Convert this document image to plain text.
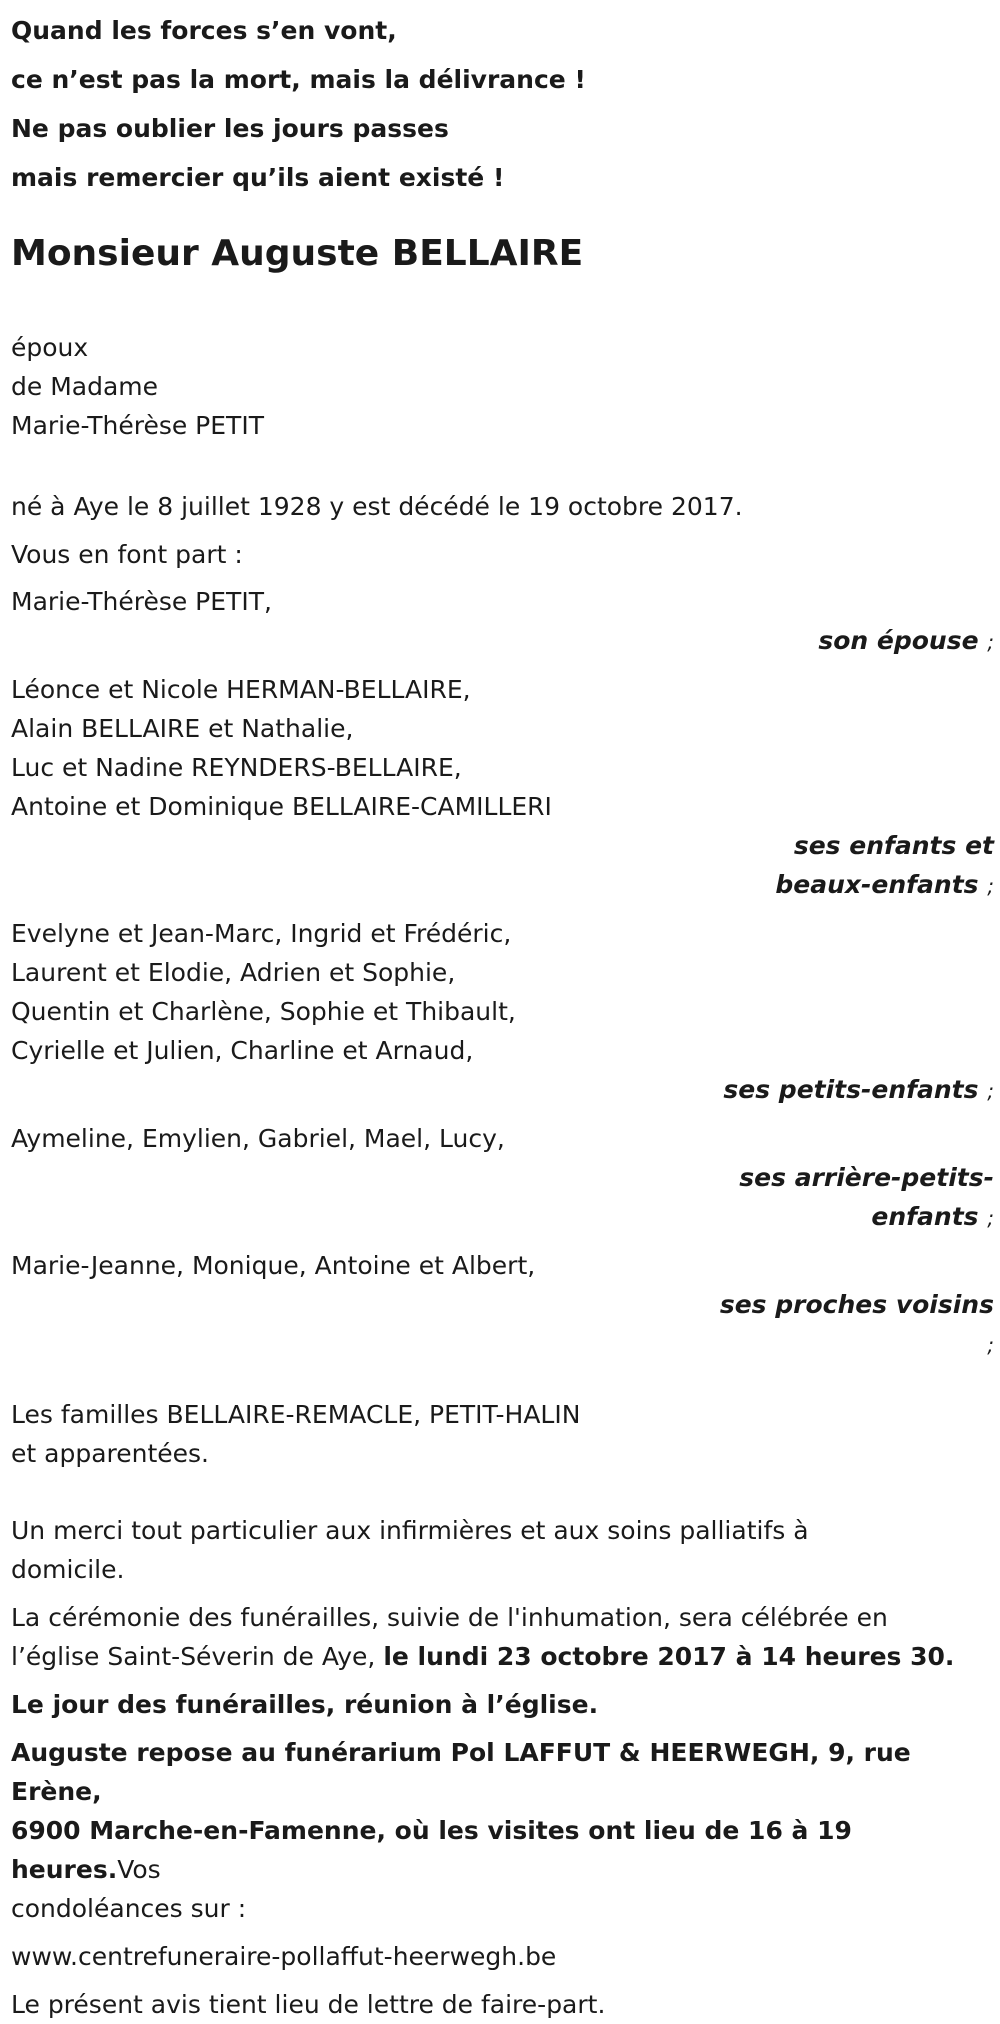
Quand les forces s’en vont,
ce n’est pas la mort, mais la délivrance !
Ne pas oublier les jours passes
mais remercier qu’ils aient existé !
Monsieur Auguste BELLAIRE
époux
de Madame
Marie-Thérèse PETIT
né à Aye le 8 juillet 1928 y est décédé le 19 octobre 2017.
Vous en font part :
Marie-Thérèse PETIT,
son épouse ;
Léonce et Nicole HERMAN-BELLAIRE,
Alain BELLAIRE et Nathalie,
Luc et Nadine REYNDERS-BELLAIRE,
Antoine et Dominique BELLAIRE-CAMILLERI
ses enfants et
beaux-enfants ;
Evelyne et Jean-Marc, Ingrid et Frédéric,
Laurent et Elodie, Adrien et Sophie,
Quentin et Charlène, Sophie et Thibault,
Cyrielle et Julien, Charline et Arnaud,
ses petits-enfants ;
Aymeline, Emylien, Gabriel, Mael, Lucy,
ses arrière-petits-
enfants ;
Marie-Jeanne, Monique, Antoine et Albert,
ses proches voisins
;
Les familles BELLAIRE-REMACLE, PETIT-HALIN
et apparentées.
Un merci tout particulier aux infirmières et aux soins palliatifs à
domicile.
La cérémonie des funérailles, suivie de l'inhumation, sera célébrée en
l’église Saint-Séverin de Aye, le lundi 23 octobre 2017 à 14 heures 30.
Le jour des funérailles, réunion à l’église.
Auguste repose au funérarium Pol LAFFUT & HEERWEGH, 9, rue Erène,
6900 Marche-en-Famenne, où les visites ont lieu de 16 à 19 heures.Vos
condoléances sur :
www.centrefuneraire-pollaffut-heerwegh.be
Le présent avis tient lieu de lettre de faire-part.
